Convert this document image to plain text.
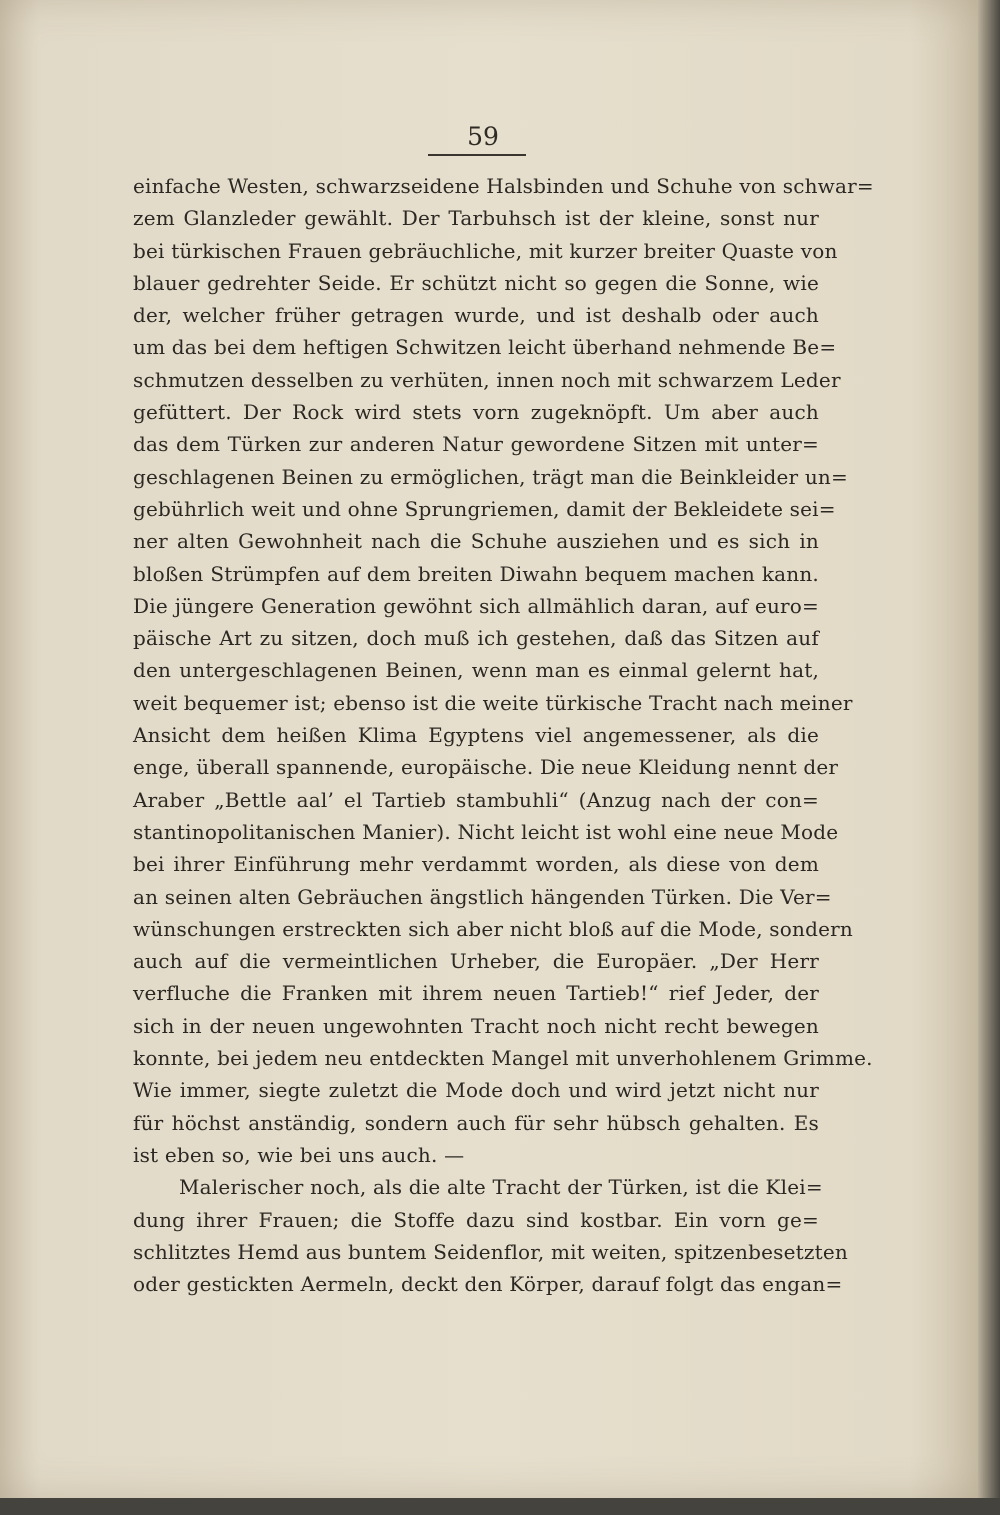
59
einfache Westen, schwarzseidene Halsbinden und Schuhe von schwar=
zem Glanzleder gewählt. Der Tarbuhsch ist der kleine, sonst nur
bei türkischen Frauen gebräuchliche, mit kurzer breiter Quaste von
blauer gedrehter Seide. Er schützt nicht so gegen die Sonne, wie
der, welcher früher getragen wurde, und ist deshalb oder auch
um das bei dem heftigen Schwitzen leicht überhand nehmende Be=
schmutzen desselben zu verhüten, innen noch mit schwarzem Leder
gefüttert. Der Rock wird stets vorn zugeknöpft. Um aber auch
das dem Türken zur anderen Natur gewordene Sitzen mit unter=
geschlagenen Beinen zu ermöglichen, trägt man die Beinkleider un=
gebührlich weit und ohne Sprungriemen, damit der Bekleidete sei=
ner alten Gewohnheit nach die Schuhe ausziehen und es sich in
bloßen Strümpfen auf dem breiten Diwahn bequem machen kann.
Die jüngere Generation gewöhnt sich allmählich daran, auf euro=
päische Art zu sitzen, doch muß ich gestehen, daß das Sitzen auf
den untergeschlagenen Beinen, wenn man es einmal gelernt hat,
weit bequemer ist; ebenso ist die weite türkische Tracht nach meiner
Ansicht dem heißen Klima Egyptens viel angemessener, als die
enge, überall spannende, europäische. Die neue Kleidung nennt der
Araber „Bettle aal’ el Tartieb stambuhli“ (Anzug nach der con=
stantinopolitanischen Manier). Nicht leicht ist wohl eine neue Mode
bei ihrer Einführung mehr verdammt worden, als diese von dem
an seinen alten Gebräuchen ängstlich hängenden Türken. Die Ver=
wünschungen erstreckten sich aber nicht bloß auf die Mode, sondern
auch auf die vermeintlichen Urheber, die Europäer. „Der Herr
verfluche die Franken mit ihrem neuen Tartieb!“ rief Jeder, der
sich in der neuen ungewohnten Tracht noch nicht recht bewegen
konnte, bei jedem neu entdeckten Mangel mit unverhohlenem Grimme.
Wie immer, siegte zuletzt die Mode doch und wird jetzt nicht nur
für höchst anständig, sondern auch für sehr hübsch gehalten. Es
ist eben so, wie bei uns auch. —
Malerischer noch, als die alte Tracht der Türken, ist die Klei=
dung ihrer Frauen; die Stoffe dazu sind kostbar. Ein vorn ge=
schlitztes Hemd aus buntem Seidenflor, mit weiten, spitzenbesetzten
oder gestickten Aermeln, deckt den Körper, darauf folgt das engan=
